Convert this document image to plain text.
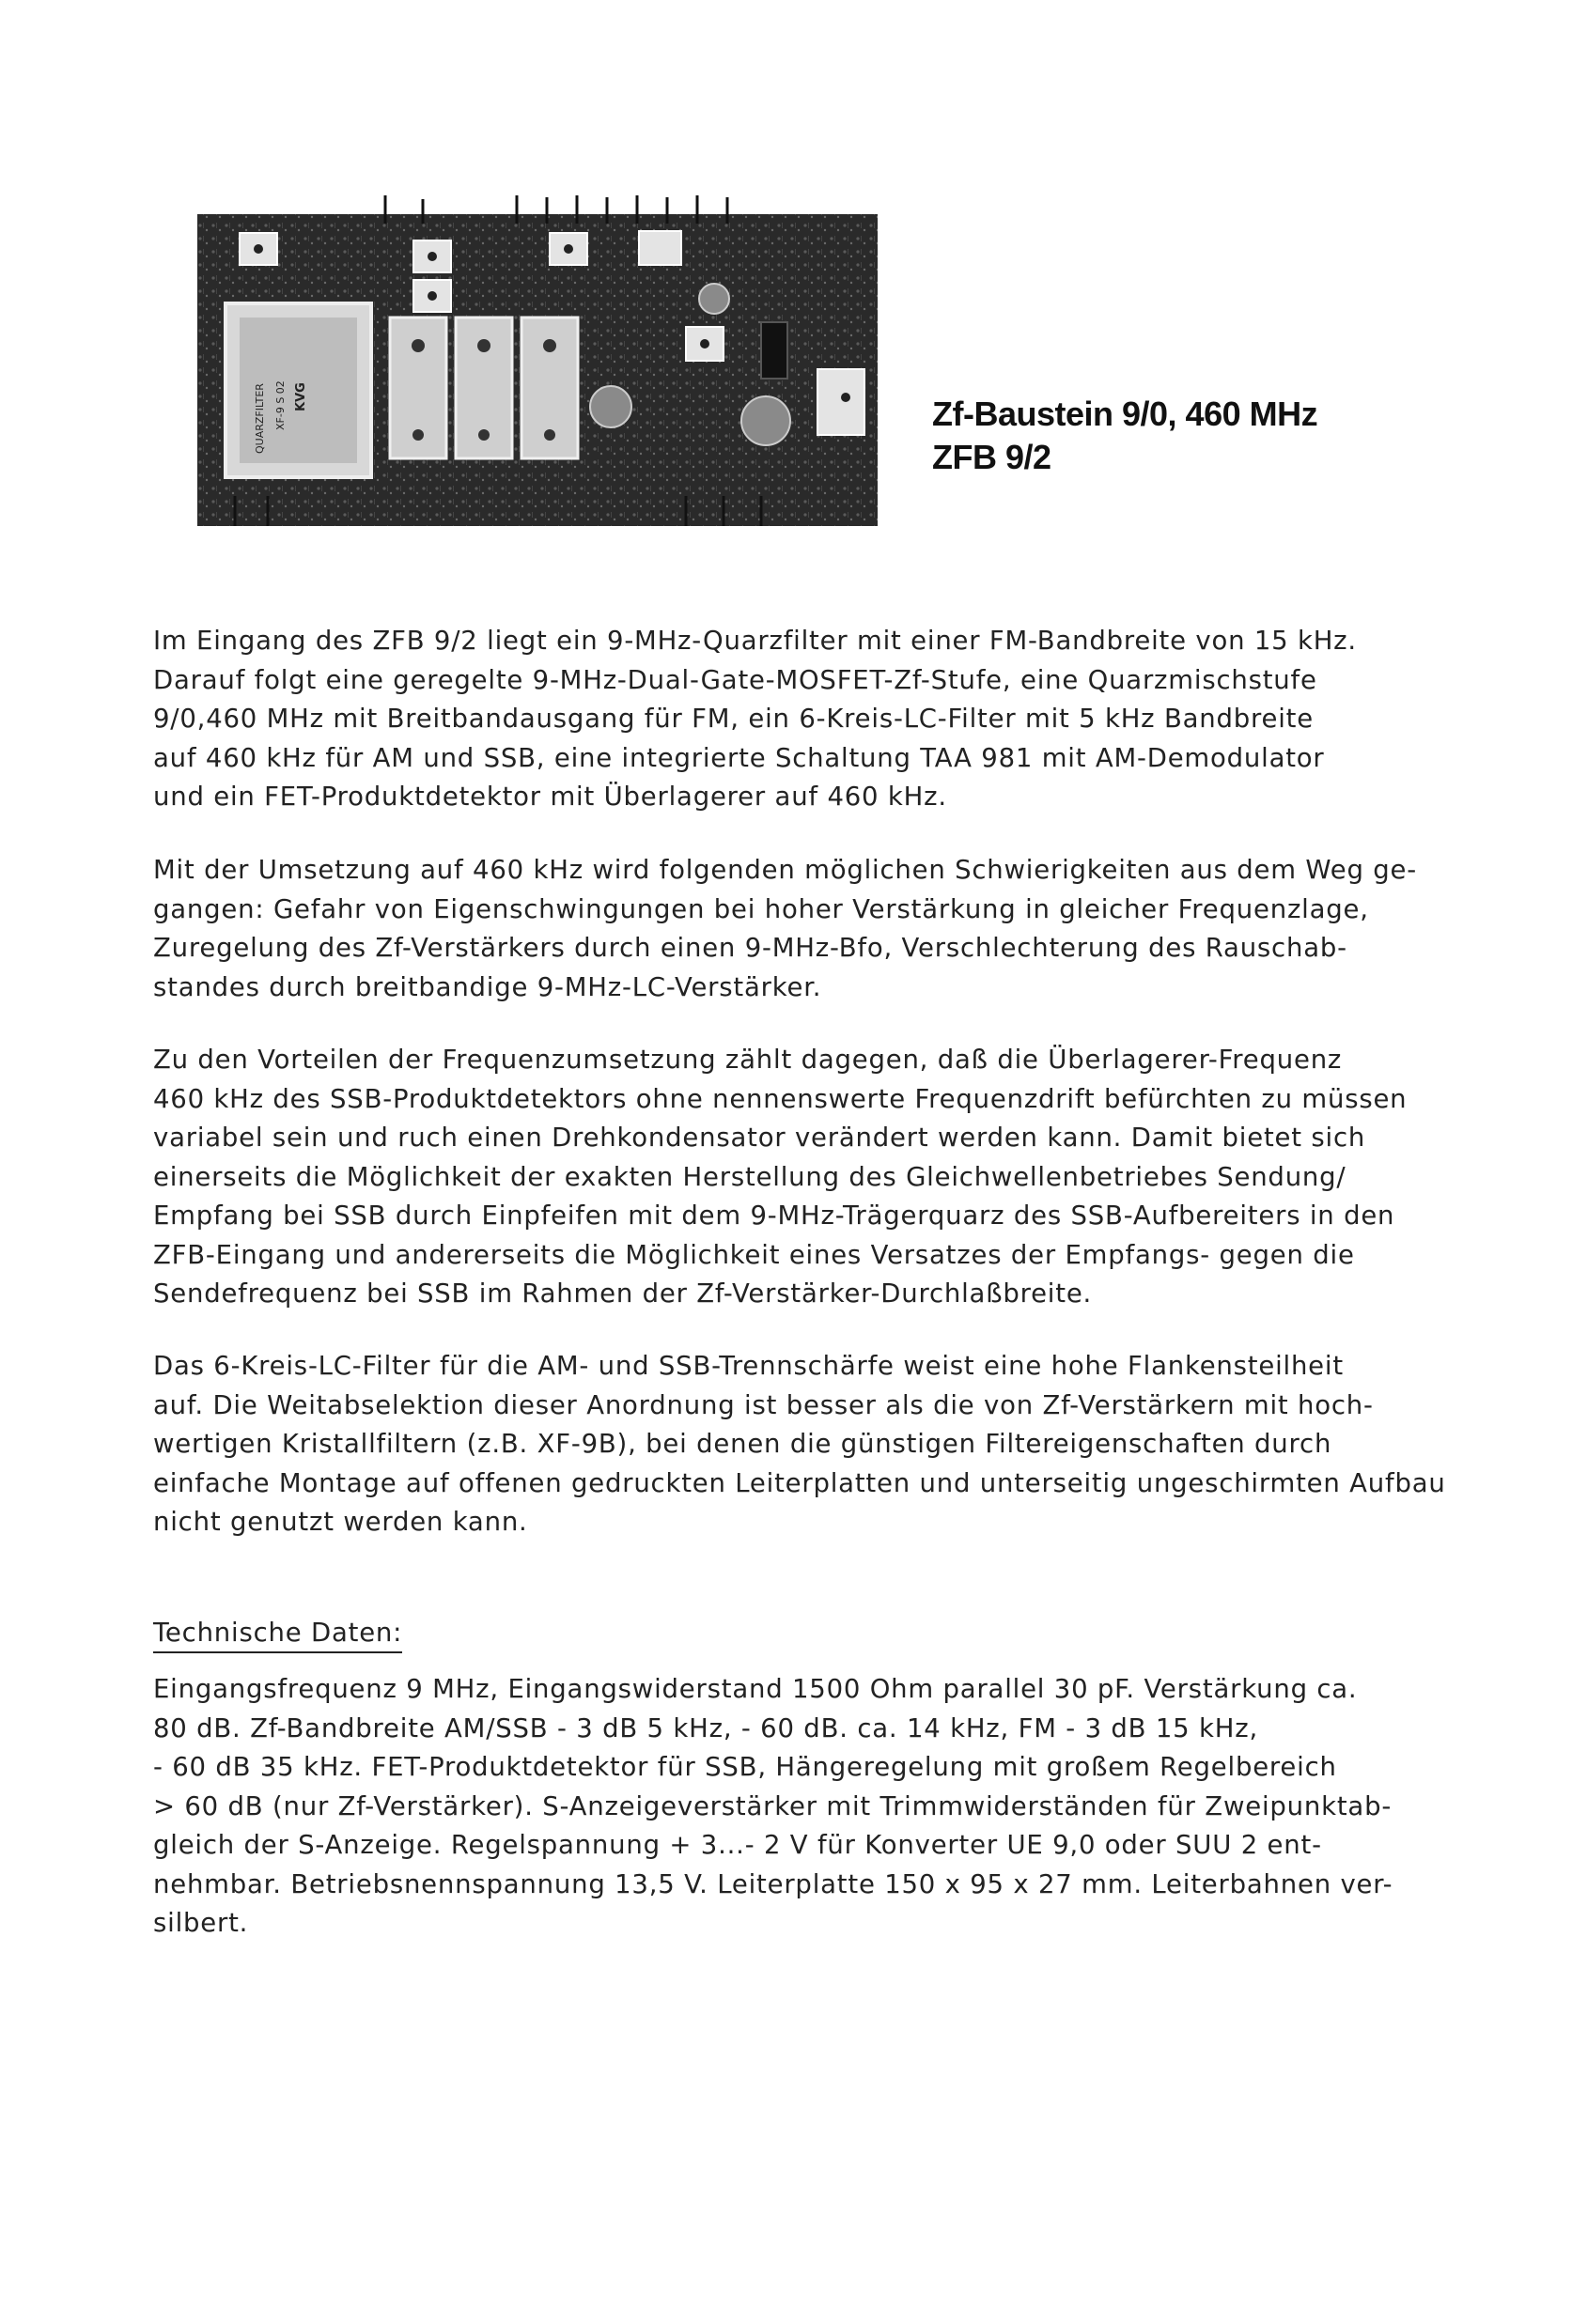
QUARZFILTER XF-9 S 02 KVG	Zf-Baustein 9/0, 460 MHz
ZFB 9/2

Im Eingang des ZFB 9/2 liegt ein 9-MHz-Quarzfilter mit einer FM-Bandbreite von 15 kHz.
Darauf folgt eine geregelte 9-MHz-Dual-Gate-MOSFET-Zf-Stufe, eine Quarzmischstufe
9/0,460 MHz mit Breitbandausgang für FM, ein 6-Kreis-LC-Filter mit 5 kHz Bandbreite
auf 460 kHz für AM und SSB, eine integrierte Schaltung TAA 981 mit AM-Demodulator
und ein FET-Produktdetektor mit Überlagerer auf 460 kHz.

Mit der Umsetzung auf 460 kHz wird folgenden möglichen Schwierigkeiten aus dem Weg ge-
gangen: Gefahr von Eigenschwingungen bei hoher Verstärkung in gleicher Frequenzlage,
Zuregelung des Zf-Verstärkers durch einen 9-MHz-Bfo, Verschlechterung des Rauschab-
standes durch breitbandige 9-MHz-LC-Verstärker.

Zu den Vorteilen der Frequenzumsetzung zählt dagegen, daß die Überlagerer-Frequenz
460 kHz des SSB-Produktdetektors ohne nennenswerte Frequenzdrift befürchten zu müssen
variabel sein und ruch einen Drehkondensator verändert werden kann. Damit bietet sich
einerseits die Möglichkeit der exakten Herstellung des Gleichwellenbetriebes Sendung/
Empfang bei SSB durch Einpfeifen mit dem 9-MHz-Trägerquarz des SSB-Aufbereiters in den
ZFB-Eingang und andererseits die Möglichkeit eines Versatzes der Empfangs- gegen die
Sendefrequenz bei SSB im Rahmen der Zf-Verstärker-Durchlaßbreite.

Das 6-Kreis-LC-Filter für die AM- und SSB-Trennschärfe weist eine hohe Flankensteilheit
auf. Die Weitabselektion dieser Anordnung ist besser als die von Zf-Verstärkern mit hoch-
wertigen Kristallfiltern (z.B. XF-9B), bei denen die günstigen Filtereigenschaften durch
einfache Montage auf offenen gedruckten Leiterplatten und unterseitig ungeschirmten Aufbau
nicht genutzt werden kann.

Technische Daten:

Eingangsfrequenz 9 MHz, Eingangswiderstand 1500 Ohm parallel 30 pF. Verstärkung ca.
80 dB. Zf-Bandbreite AM/SSB - 3 dB 5 kHz, - 60 dB. ca. 14 kHz, FM - 3 dB 15 kHz,
- 60 dB 35 kHz. FET-Produktdetektor für SSB, Hängeregelung mit großem Regelbereich
> 60 dB (nur Zf-Verstärker). S-Anzeigeverstärker mit Trimmwiderständen für Zweipunktab-
gleich der S-Anzeige. Regelspannung + 3...- 2 V für Konverter UE 9,0 oder SUU 2 ent-
nehmbar. Betriebsnennspannung 13,5 V. Leiterplatte 150 x 95 x 27 mm. Leiterbahnen ver-
silbert.
